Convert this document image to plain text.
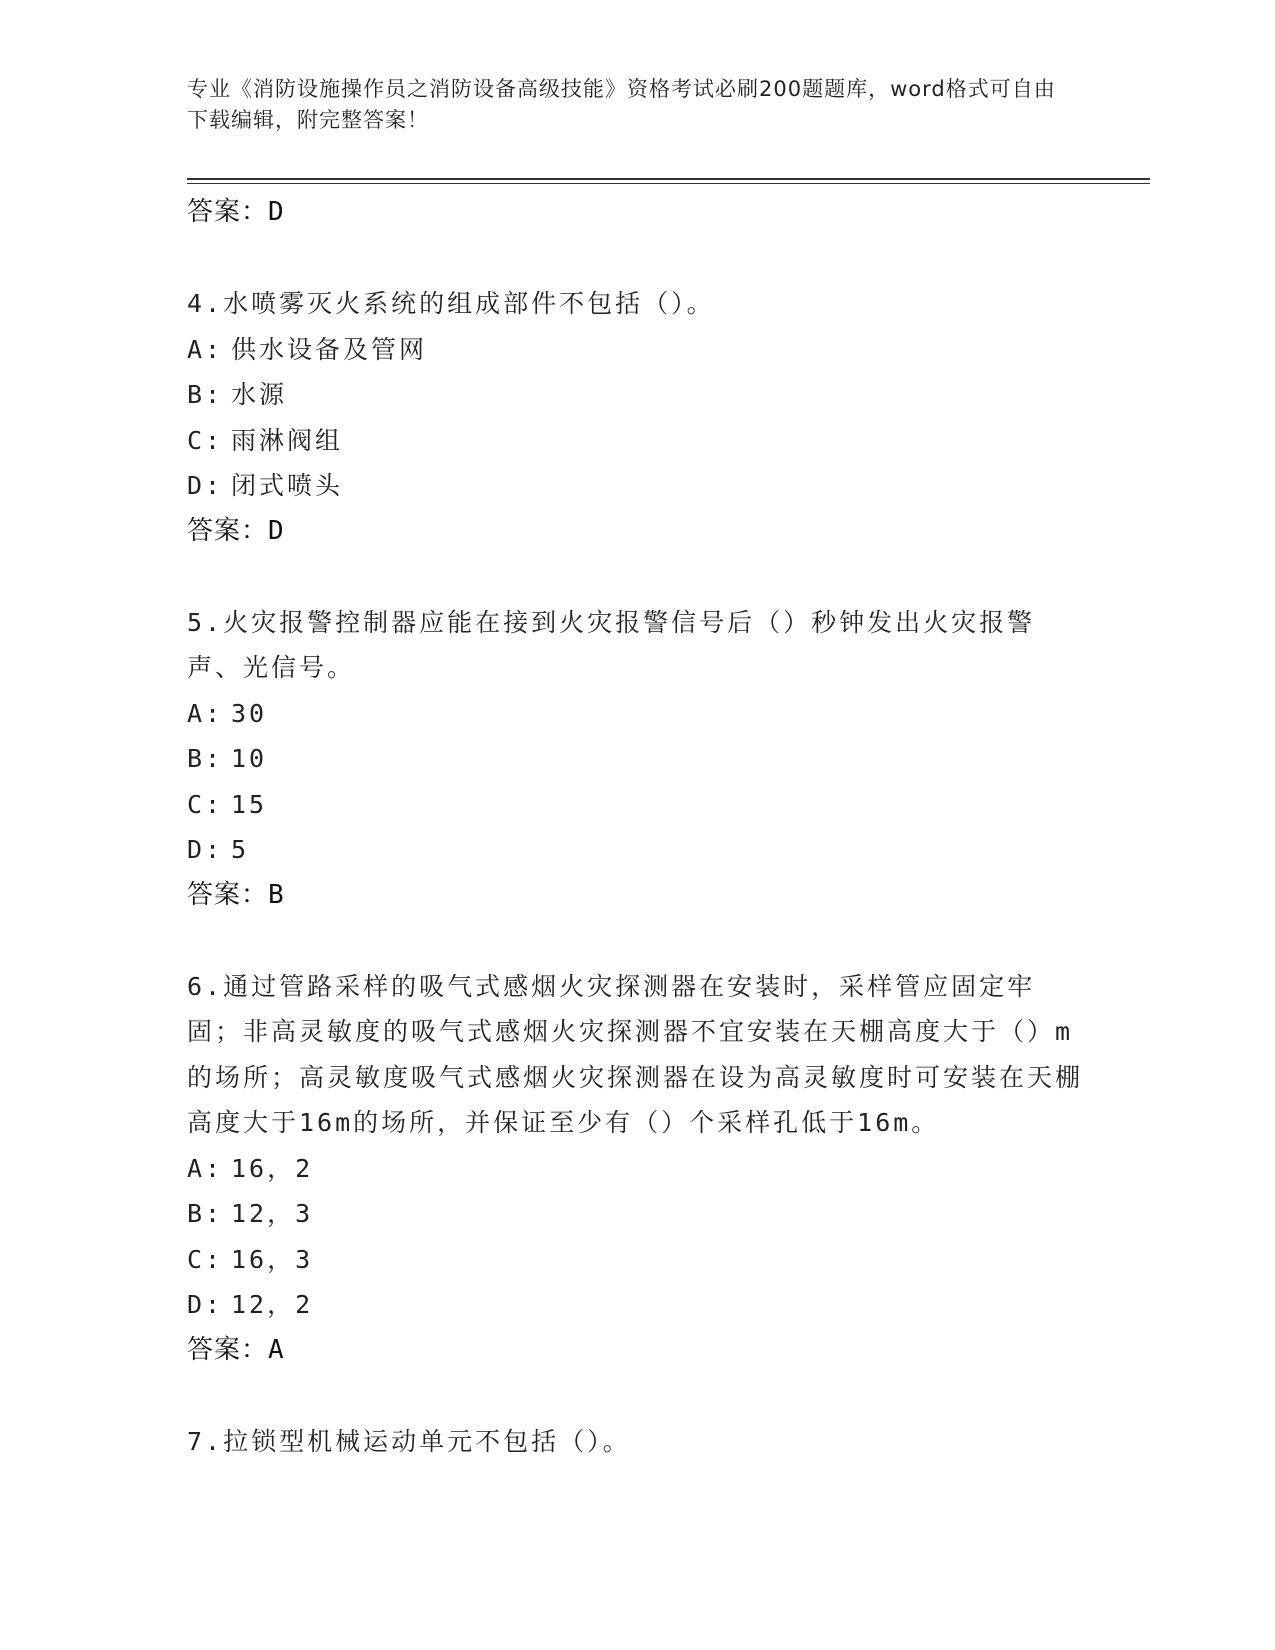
专业《消防设施操作员之消防设备高级技能》资格考试必刷200题题库，word格式可自由下载编辑，附完整答案！
答案：D
4.水喷雾灭火系统的组成部件不包括（）。
A: 供水设备及管网
B: 水源
C: 雨淋阀组
D: 闭式喷头
答案：D
5.火灾报警控制器应能在接到火灾报警信号后（）秒钟发出火灾报警声、光信号。
A: 30
B: 10
C: 15
D: 5
答案：B
6.通过管路采样的吸气式感烟火灾探测器在安装时，采样管应固定牢固；非高灵敏度的吸气式感烟火灾探测器不宜安装在天棚高度大于（）m的场所；高灵敏度吸气式感烟火灾探测器在设为高灵敏度时可安装在天棚高度大于16m的场所，并保证至少有（）个采样孔低于16m。
A: 16，2
B: 12，3
C: 16，3
D: 12，2
答案：A
7.拉锁型机械运动单元不包括（）。
